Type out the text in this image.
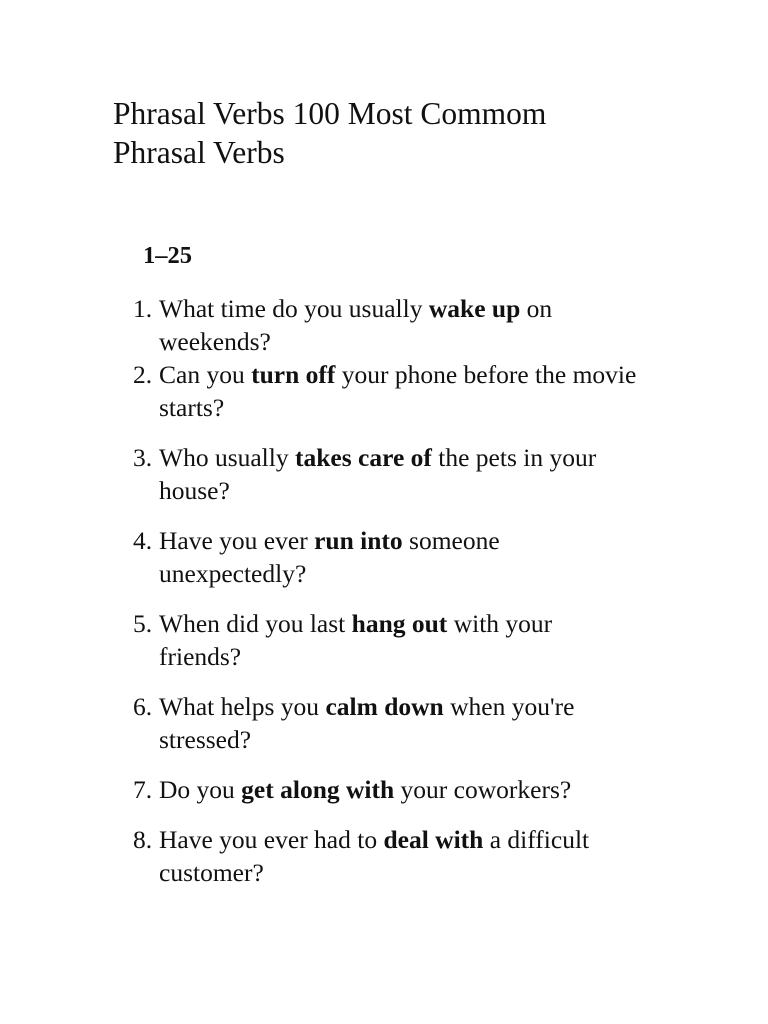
Phrasal Verbs 100 Most Commom Phrasal Verbs
1–25
1. What time do you usually wake up on weekends?
2. Can you turn off your phone before the movie starts?
3. Who usually takes care of the pets in your house?
4. Have you ever run into someone unexpectedly?
5. When did you last hang out with your friends?
6. What helps you calm down when you're stressed?
7. Do you get along with your coworkers?
8. Have you ever had to deal with a difficult customer?
